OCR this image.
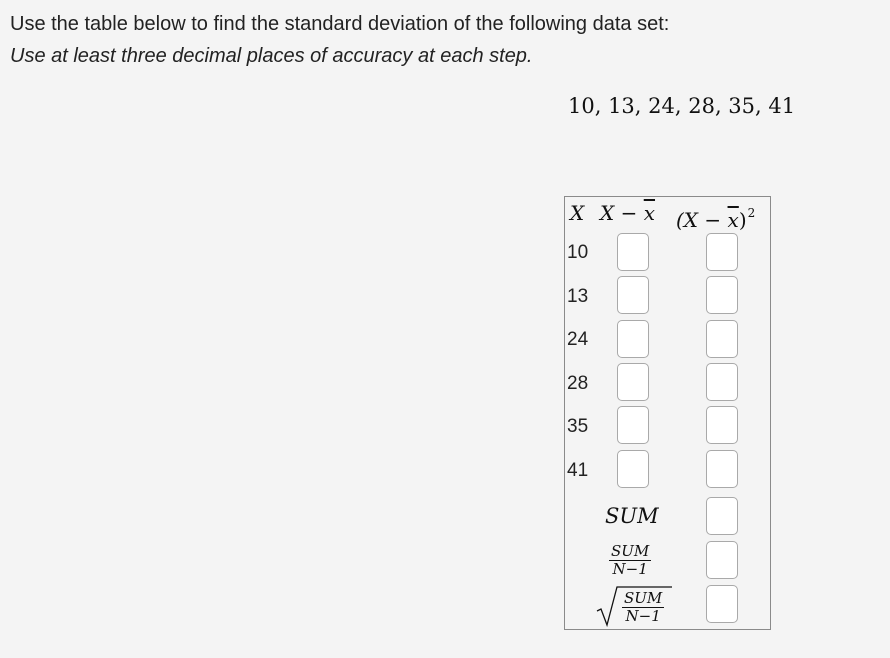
Use the table below to find the standard deviation of the following data set:
Use at least three decimal places of accuracy at each step.
10, 13, 24, 28, 35, 41
X $X - \overline{x}$ $(X - \overline{x})^2$
10
13
24
28
35
41
SUM
SUM
N−1
SUM
N−1
